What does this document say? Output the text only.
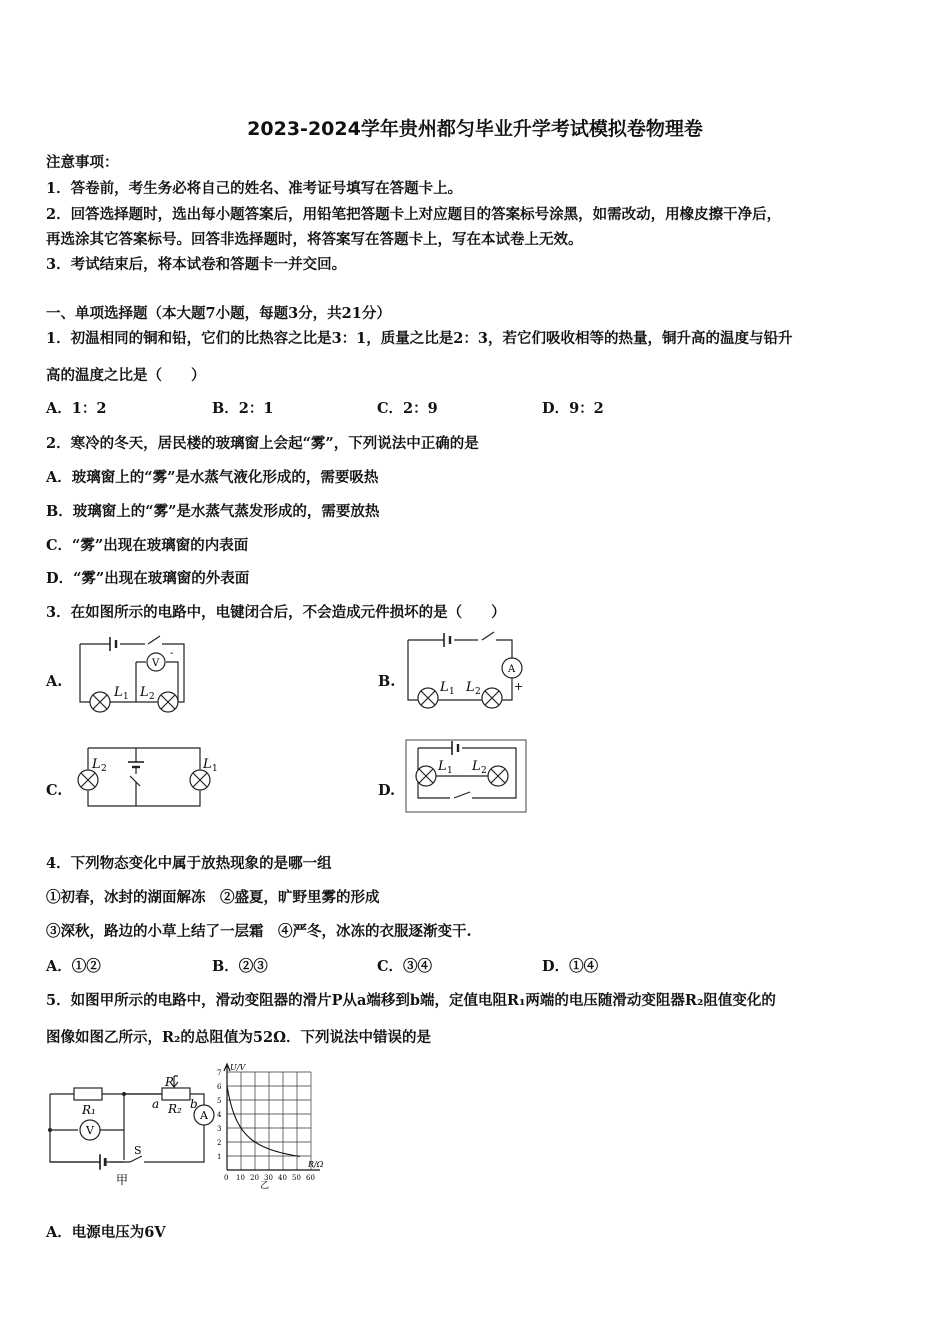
2023-2024学年贵州都匀毕业升学考试模拟卷物理卷
注意事项：
1．答卷前，考生务必将自己的姓名、准考证号填写在答题卡上。
2．回答选择题时，选出每小题答案后，用铅笔把答题卡上对应题目的答案标号涂黑，如需改动，用橡皮擦干净后，
再选涂其它答案标号。回答非选择题时，将答案写在答题卡上，写在本试卷上无效。
3．考试结束后，将本试卷和答题卡一并交回。
一、单项选择题（本大题7小题，每题3分，共21分）
1．初温相同的铜和铅，它们的比热容之比是3：1，质量之比是2：3，若它们吸收相等的热量，铜升高的温度与铅升
高的温度之比是（　　）
A．1：2	B．2：1	C．2：9	D．9：2
2．寒冷的冬天，居民楼的玻璃窗上会起“雾”，下列说法中正确的是
A．玻璃窗上的“雾”是水蒸气液化形成的，需要吸热
B．玻璃窗上的“雾”是水蒸气蒸发形成的，需要放热
C．“雾”出现在玻璃窗的内表面
D．“雾”出现在玻璃窗的外表面
3．在如图所示的电路中，电键闭合后，不会造成元件损坏的是（　　）
A.	B.
C.	D.
V
-
L 1 L 2
A
+
L 1 L 2
L 2	L 1	L 1 L 2
4．下列物态变化中属于放热现象的是哪一组
①初春，冰封的湖面解冻　②盛夏，旷野里雾的形成
③深秋，路边的小草上结了一层霜　④严冬，冰冻的衣服逐渐变干.
A．①②	B．②③	C．③④	D．①④
5．如图甲所示的电路中，滑动变阻器的滑片P从a端移到b端，定值电阻R₁两端的电压随滑动变阻器R₂阻值变化的
图像如图乙所示，R₂的总阻值为52Ω．下列说法中错误的是
R₁
V
P
a R₂ b
A
S
甲
1
2
3
4
5
6
7
0 10 20 30 40 50 60
U/V
R/Ω
乙
A．电源电压为6V
